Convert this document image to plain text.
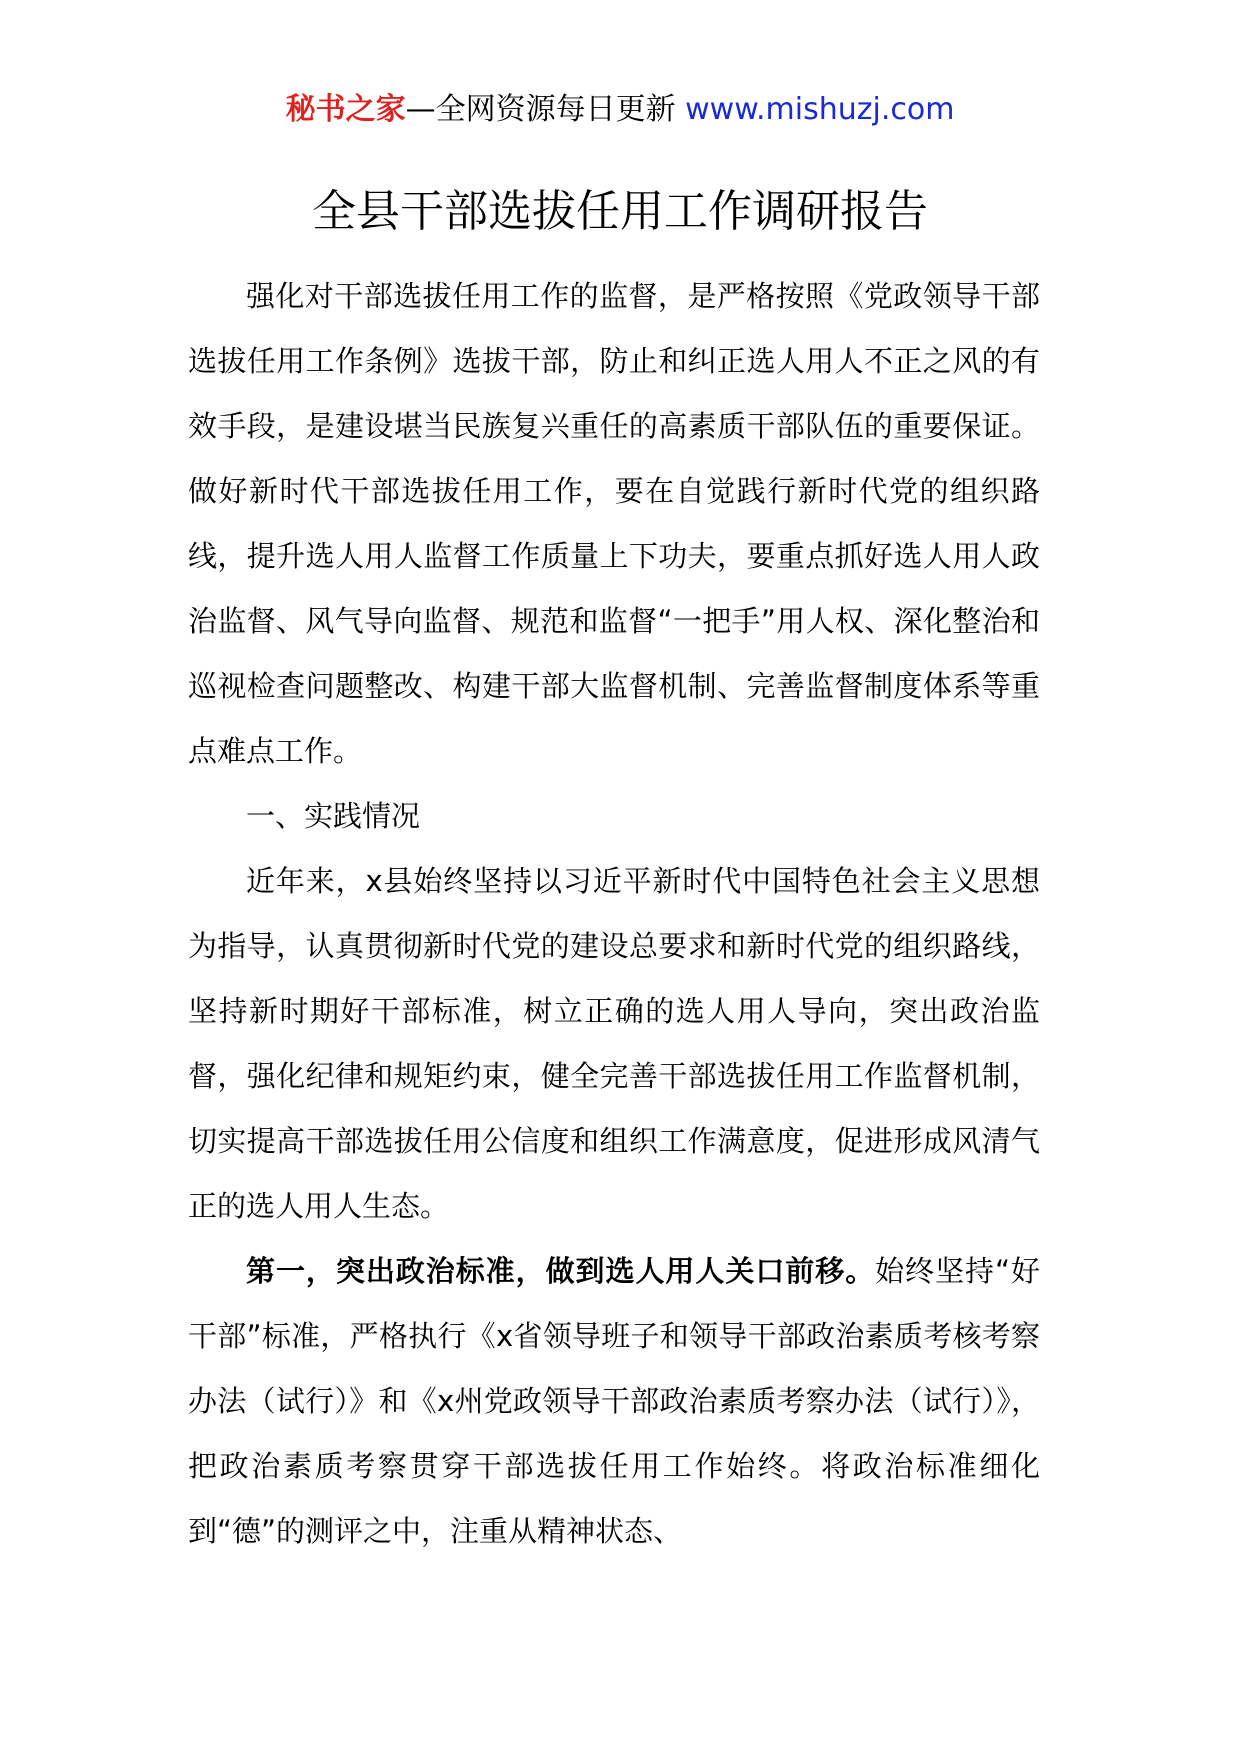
秘书之家—全网资源每日更新 www.mishuzj.com
全县干部选拔任用工作调研报告

强化对干部选拔任用工作的监督，是严格按照《党政领导干部选拔任用工作条例》选拔干部，防止和纠正选人用人不正之风的有效手段，是建设堪当民族复兴重任的高素质干部队伍的重要保证。做好新时代干部选拔任用工作，要在自觉践行新时代党的组织路线，提升选人用人监督工作质量上下功夫，要重点抓好选人用人政治监督、风气导向监督、规范和监督“一把手”用人权、深化整治和巡视检查问题整改、构建干部大监督机制、完善监督制度体系等重点难点工作。

一、实践情况

近年来，x县始终坚持以习近平新时代中国特色社会主义思想为指导，认真贯彻新时代党的建设总要求和新时代党的组织路线，坚持新时期好干部标准，树立正确的选人用人导向，突出政治监督，强化纪律和规矩约束，健全完善干部选拔任用工作监督机制，切实提高干部选拔任用公信度和组织工作满意度，促进形成风清气正的选人用人生态。

第一，突出政治标准，做到选人用人关口前移。始终坚持“好干部”标准，严格执行《x省领导班子和领导干部政治素质考核考察办法（试行）》和《x州党政领导干部政治素质考察办法（试行）》，把政治素质考察贯穿干部选拔任用工作始终。将政治标准细化到“德”的测评之中，注重从精神状态、
